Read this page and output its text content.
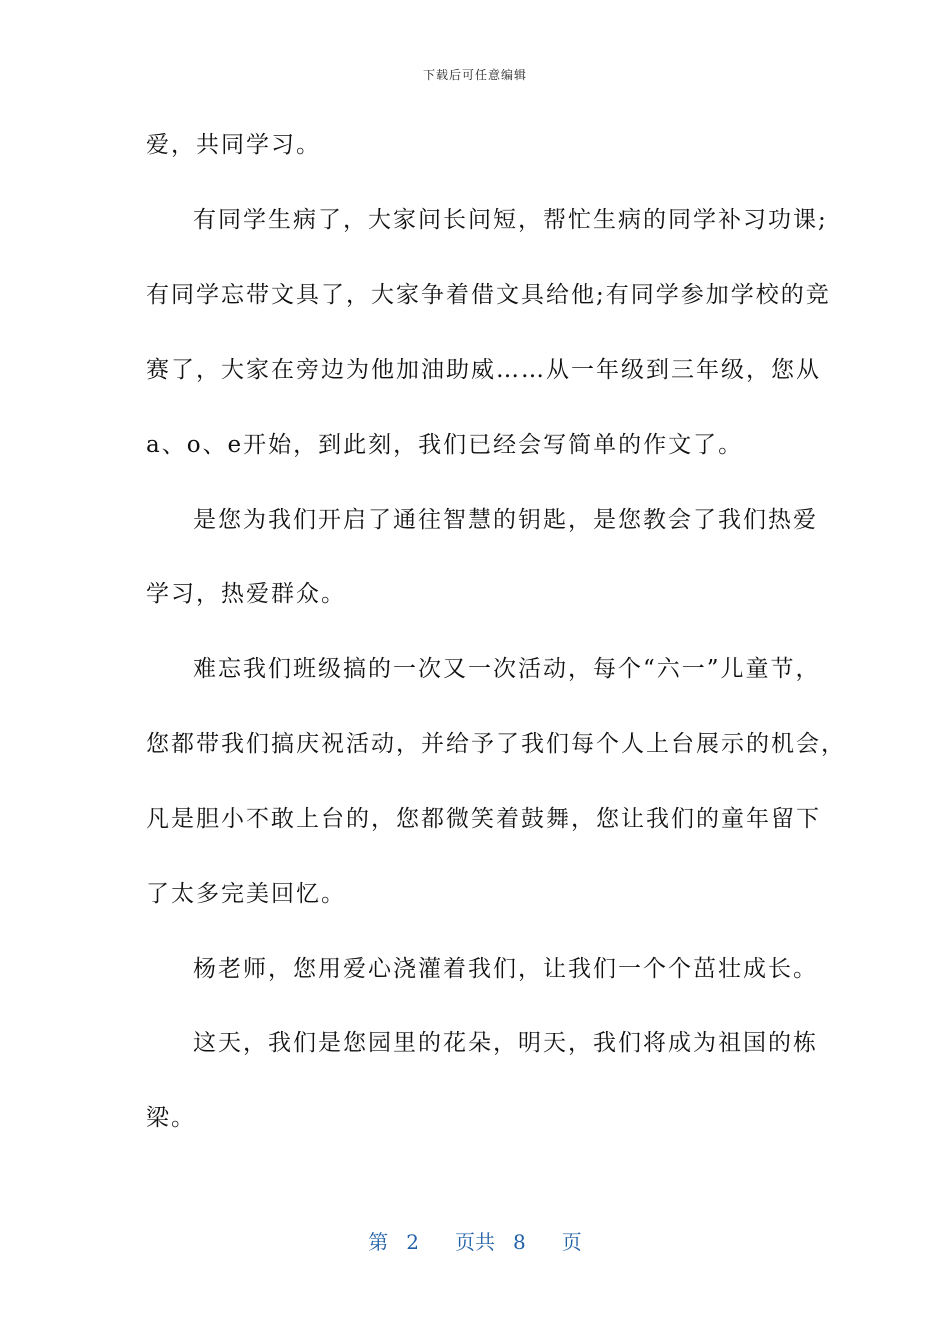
下载后可任意编辑
爱，共同学习。
有同学生病了，大家问长问短，帮忙生病的同学补习功课;
有同学忘带文具了，大家争着借文具给他;有同学参加学校的竞
赛了，大家在旁边为他加油助威……从一年级到三年级，您从
a、o、e开始，到此刻，我们已经会写简单的作文了。
是您为我们开启了通往智慧的钥匙，是您教会了我们热爱
学习，热爱群众。
难忘我们班级搞的一次又一次活动，每个“六一”儿童节，
您都带我们搞庆祝活动，并给予了我们每个人上台展示的机会，
凡是胆小不敢上台的，您都微笑着鼓舞，您让我们的童年留下
了太多完美回忆。
杨老师，您用爱心浇灌着我们，让我们一个个茁壮成长。
这天，我们是您园里的花朵，明天，我们将成为祖国的栋
梁。
第 2 页共 8 页
